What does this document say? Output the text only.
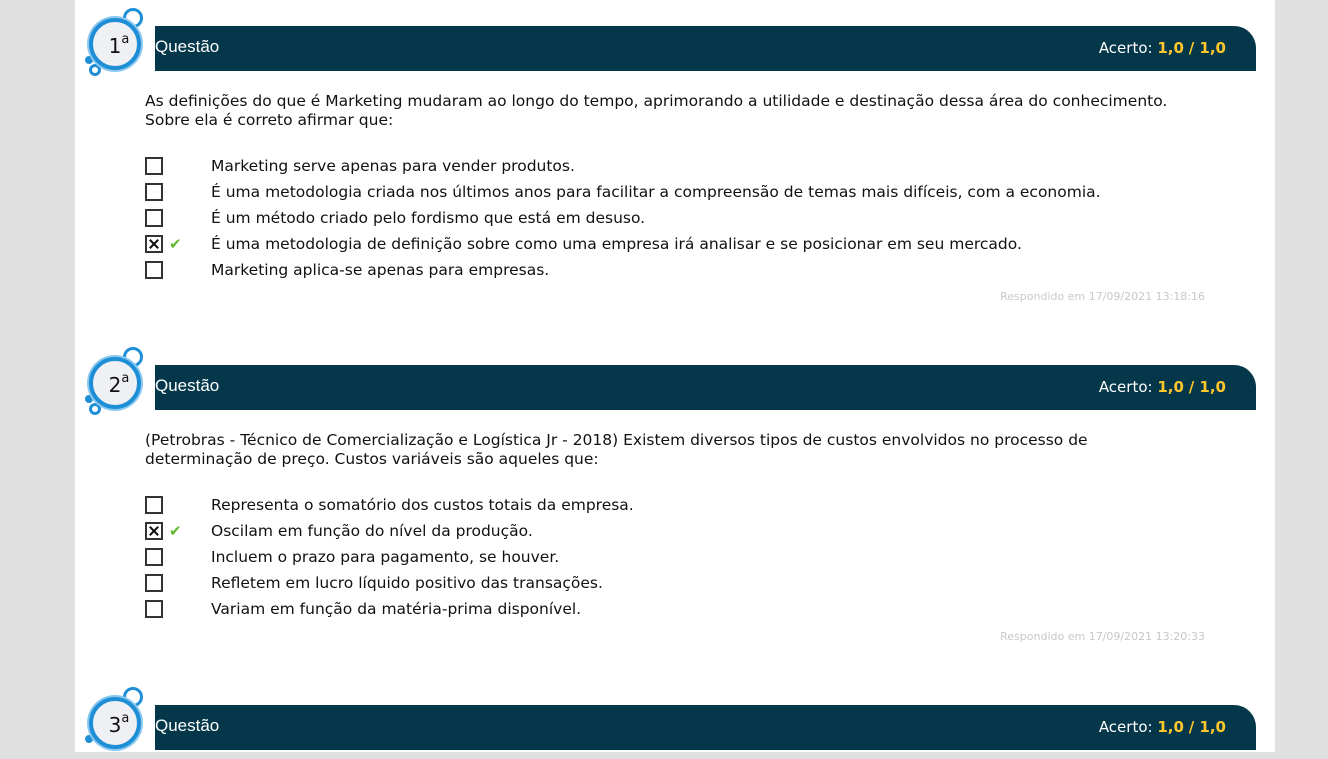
Questão	Acerto: 1,0 / 1,0
1$^a$
As definições do que é Marketing mudaram ao longo do tempo, aprimorando a utilidade e destinação dessa área do conhecimento. Sobre ela é correto afirmar que:
Marketing serve apenas para vender produtos.
É uma metodologia criada nos últimos anos para facilitar a compreensão de temas mais difíceis, com a economia.
É um método criado pelo fordismo que está em desuso.
✔ É uma metodologia de definição sobre como uma empresa irá analisar e se posicionar em seu mercado.
Marketing aplica-se apenas para empresas.
Respondido em 17/09/2021 13:18:16
Questão	Acerto: 1,0 / 1,0
2$^a$
(Petrobras - Técnico de Comercialização e Logística Jr - 2018) Existem diversos tipos de custos envolvidos no processo de determinação de preço. Custos variáveis são aqueles que:
Representa o somatório dos custos totais da empresa.
✔ Oscilam em função do nível da produção.
Incluem o prazo para pagamento, se houver.
Refletem em lucro líquido positivo das transações.
Variam em função da matéria-prima disponível.
Respondido em 17/09/2021 13:20:33
Questão	Acerto: 1,0 / 1,0
3$^a$
